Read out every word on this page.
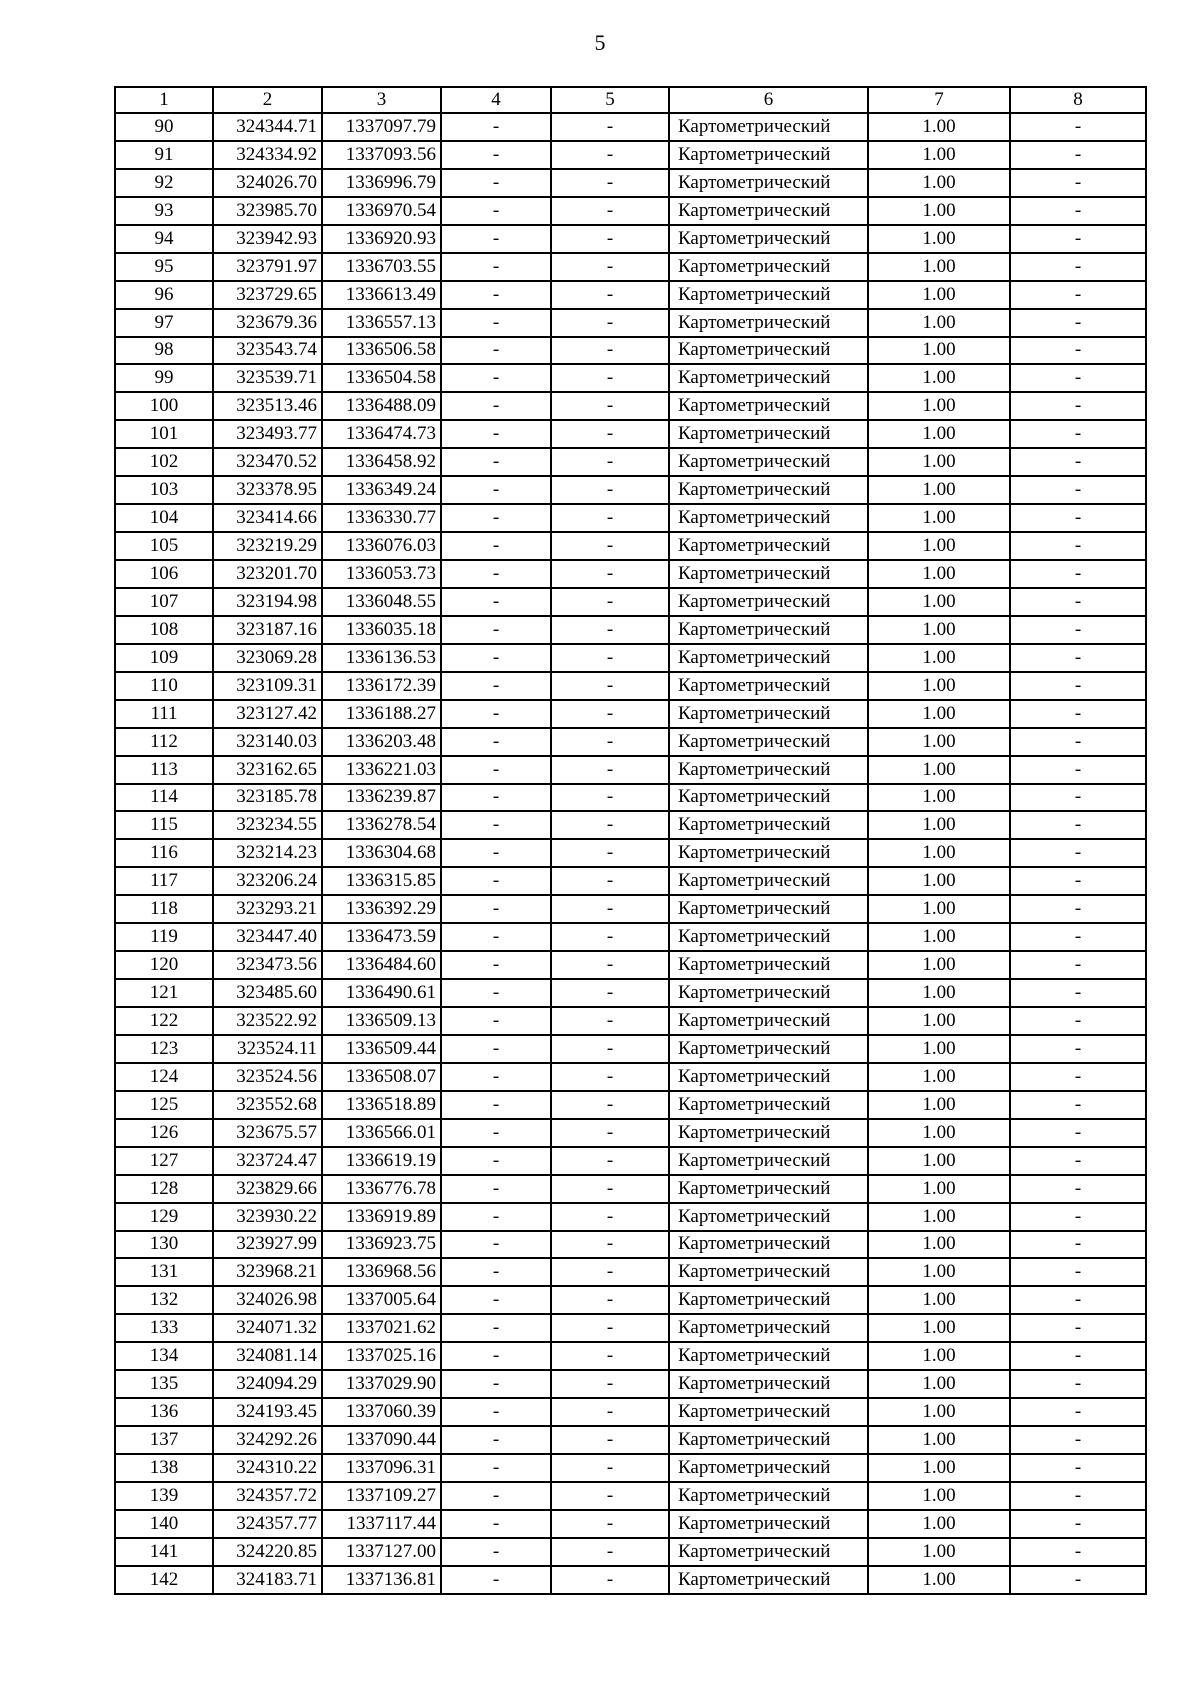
5
1	2	3	4	5	6	7	8
90	324344.71	1337097.79	-	-	Картометрический	1.00	-
91	324334.92	1337093.56	-	-	Картометрический	1.00	-
92	324026.70	1336996.79	-	-	Картометрический	1.00	-
93	323985.70	1336970.54	-	-	Картометрический	1.00	-
94	323942.93	1336920.93	-	-	Картометрический	1.00	-
95	323791.97	1336703.55	-	-	Картометрический	1.00	-
96	323729.65	1336613.49	-	-	Картометрический	1.00	-
97	323679.36	1336557.13	-	-	Картометрический	1.00	-
98	323543.74	1336506.58	-	-	Картометрический	1.00	-
99	323539.71	1336504.58	-	-	Картометрический	1.00	-
100	323513.46	1336488.09	-	-	Картометрический	1.00	-
101	323493.77	1336474.73	-	-	Картометрический	1.00	-
102	323470.52	1336458.92	-	-	Картометрический	1.00	-
103	323378.95	1336349.24	-	-	Картометрический	1.00	-
104	323414.66	1336330.77	-	-	Картометрический	1.00	-
105	323219.29	1336076.03	-	-	Картометрический	1.00	-
106	323201.70	1336053.73	-	-	Картометрический	1.00	-
107	323194.98	1336048.55	-	-	Картометрический	1.00	-
108	323187.16	1336035.18	-	-	Картометрический	1.00	-
109	323069.28	1336136.53	-	-	Картометрический	1.00	-
110	323109.31	1336172.39	-	-	Картометрический	1.00	-
111	323127.42	1336188.27	-	-	Картометрический	1.00	-
112	323140.03	1336203.48	-	-	Картометрический	1.00	-
113	323162.65	1336221.03	-	-	Картометрический	1.00	-
114	323185.78	1336239.87	-	-	Картометрический	1.00	-
115	323234.55	1336278.54	-	-	Картометрический	1.00	-
116	323214.23	1336304.68	-	-	Картометрический	1.00	-
117	323206.24	1336315.85	-	-	Картометрический	1.00	-
118	323293.21	1336392.29	-	-	Картометрический	1.00	-
119	323447.40	1336473.59	-	-	Картометрический	1.00	-
120	323473.56	1336484.60	-	-	Картометрический	1.00	-
121	323485.60	1336490.61	-	-	Картометрический	1.00	-
122	323522.92	1336509.13	-	-	Картометрический	1.00	-
123	323524.11	1336509.44	-	-	Картометрический	1.00	-
124	323524.56	1336508.07	-	-	Картометрический	1.00	-
125	323552.68	1336518.89	-	-	Картометрический	1.00	-
126	323675.57	1336566.01	-	-	Картометрический	1.00	-
127	323724.47	1336619.19	-	-	Картометрический	1.00	-
128	323829.66	1336776.78	-	-	Картометрический	1.00	-
129	323930.22	1336919.89	-	-	Картометрический	1.00	-
130	323927.99	1336923.75	-	-	Картометрический	1.00	-
131	323968.21	1336968.56	-	-	Картометрический	1.00	-
132	324026.98	1337005.64	-	-	Картометрический	1.00	-
133	324071.32	1337021.62	-	-	Картометрический	1.00	-
134	324081.14	1337025.16	-	-	Картометрический	1.00	-
135	324094.29	1337029.90	-	-	Картометрический	1.00	-
136	324193.45	1337060.39	-	-	Картометрический	1.00	-
137	324292.26	1337090.44	-	-	Картометрический	1.00	-
138	324310.22	1337096.31	-	-	Картометрический	1.00	-
139	324357.72	1337109.27	-	-	Картометрический	1.00	-
140	324357.77	1337117.44	-	-	Картометрический	1.00	-
141	324220.85	1337127.00	-	-	Картометрический	1.00	-
142	324183.71	1337136.81	-	-	Картометрический	1.00	-
